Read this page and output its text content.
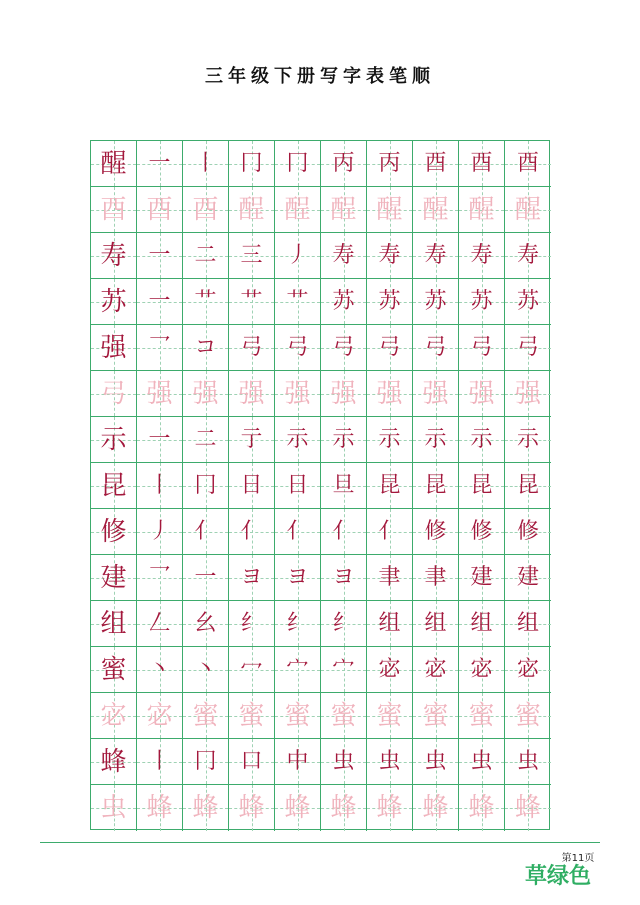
三年级下册写字表笔顺
醒 一	丨	冂	冂	丙	丙	酉	酉	酉
酉 酉 酉 酲 酲 酲 醒 醒 醒 醒
寿 一	二	三	丿	寿	寿	寿	寿	寿
苏 一	艹	艹	艹	苏	苏	苏	苏	苏
强 乛	コ	弓	弓	弓	弓	弓	弓	弓
弓 强 强 强 强 强 强 强 强 强
示 一	二	亍	示	示	示	示	示	示
昆 丨	冂	日	日	旦	昆	昆	昆	昆
修 丿	亻	亻	亻	亻	亻	修	修	修
建 乛	一	ヨ	ヨ	ヨ	聿	聿	建	建
组 𠃋	幺	纟	纟	纟	组	组	组	组
蜜 丶	丶	冖	宀	宀	宓	宓	宓	宓
宓 宓 蜜 蜜 蜜 蜜 蜜 蜜 蜜 蜜
蜂 丨	冂	口	中	虫	虫	虫	虫	虫
虫 蜂 蜂 蜂 蜂 蜂 蜂 蜂 蜂 蜂
第11页
草绿色
